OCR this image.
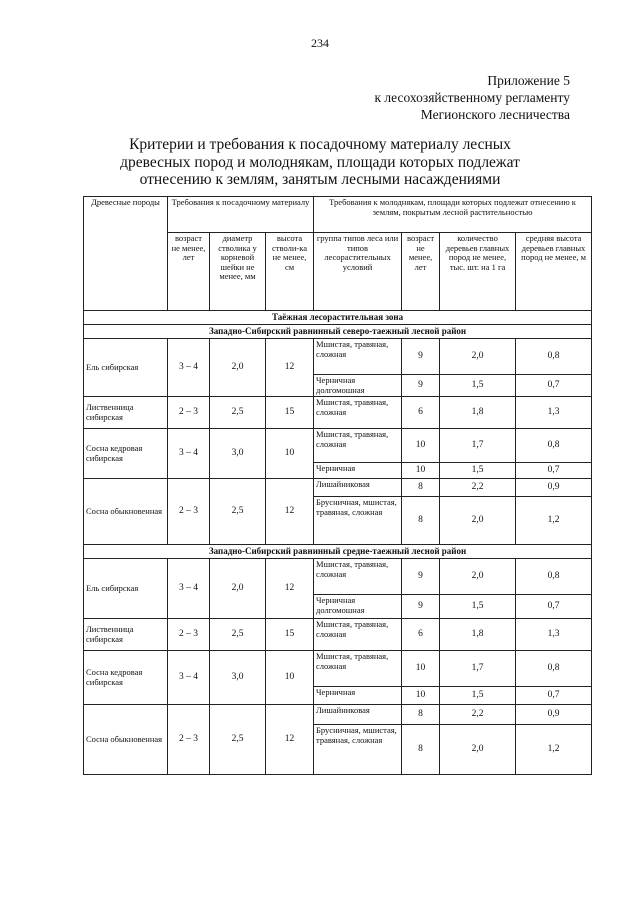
234
Приложение 5
к лесохозяйственному регламенту
Мегионского лесничества
Критерии и требования к посадочному материалу лесных
древесных пород и молоднякам, площади которых подлежат
отнесению к землям, занятым лесными насаждениями
Древесные породы	Требования к посадочному материалу			Требования к молоднякам, площади которых подлежат отнесению к землям, покрытым лесной растительностью			
	возраст не менее, лет	диаметр стволика у корневой шейки не менее, мм	высота стволи-ка не менее, см	группа типов леса или типов лесорастительных условий	возраст не менее, лет	количество деревьев главных пород не менее, тыс. шт. на 1 га	средняя высота деревьев главных пород не менее, м
Таёжная лесорастительная зона							
Западно-Сибирский равнинный северо-таежный лесной район							
Ель сибирская	3 – 4	2,0	12	Мшистая, травяная, сложная	9	2,0	0,8
				Черничная долгомошная	9	1,5	0,7
Лиственница сибирская	2 – 3	2,5	15	Мшистая, травяная, сложная	6	1,8	1,3
Сосна кедровая сибирская	3 – 4	3,0	10	Мшистая, травяная, сложная	10	1,7	0,8
				Черничная	10	1,5	0,7
Сосна обыкновенная	2 – 3	2,5	12	Лишайниковая	8	2,2	0,9
				Брусничная, мшистая, травяная, сложная	8	2,0	1,2
Западно-Сибирский равнинный средне-таежный лесной район							
Ель сибирская	3 – 4	2,0	12	Мшистая, травяная, сложная	9	2,0	0,8
				Черничная долгомошная	9	1,5	0,7
Лиственница сибирская	2 – 3	2,5	15	Мшистая, травяная, сложная	6	1,8	1,3
Сосна кедровая сибирская	3 – 4	3,0	10	Мшистая, травяная, сложная	10	1,7	0,8
				Черничная	10	1,5	0,7
Сосна обыкновенная	2 – 3	2,5	12	Лишайниковая	8	2,2	0,9
				Брусничная, мшистая, травяная, сложная	8	2,0	1,2
